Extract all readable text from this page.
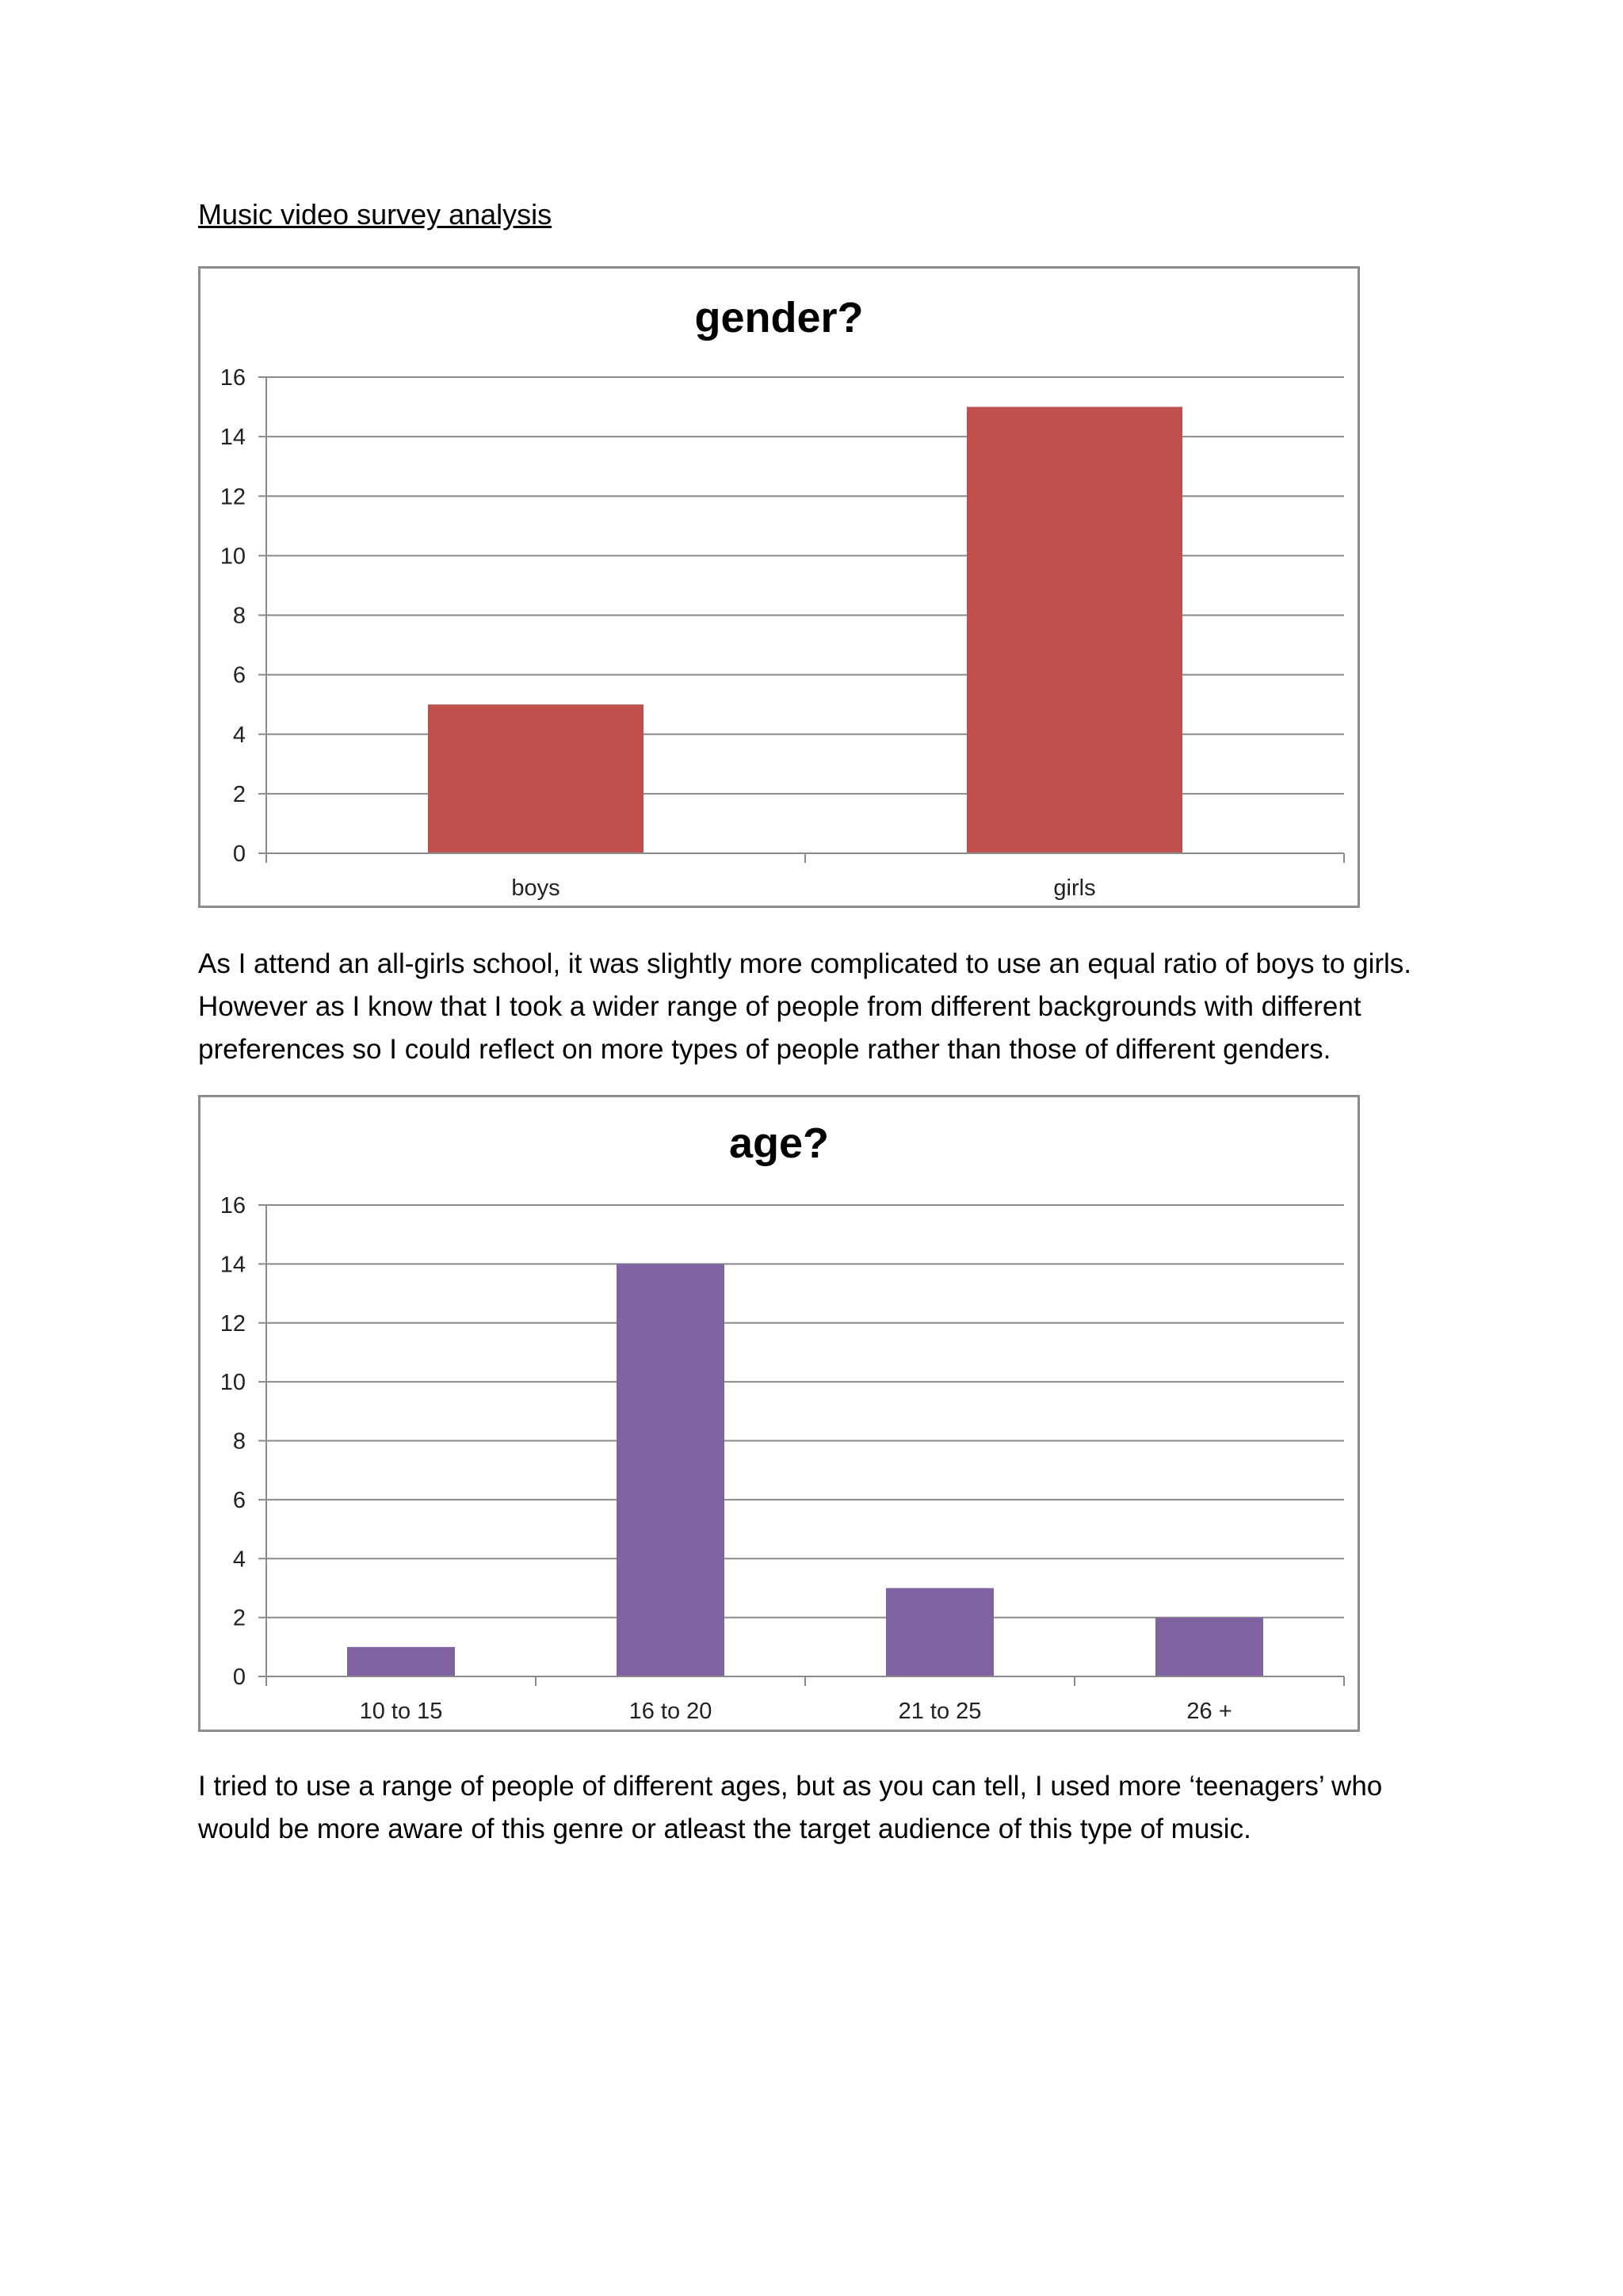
Music video survey analysis
gender?
0
2
4
6
8
10
12
14
16
boys	girls

As I attend an all-girls school, it was slightly more complicated to use an equal ratio of boys to girls.

However as I know that I took a wider range of people from different backgrounds with different

preferences so I could reflect on more types of people rather than those of different genders.

age?
0
2
4
6
8
10
12
14
16
10 to 15	16 to 20	21 to 25	26 +

I tried to use a range of people of different ages, but as you can tell, I used more ‘teenagers’ who

would be more aware of this genre or atleast the target audience of this type of music.
